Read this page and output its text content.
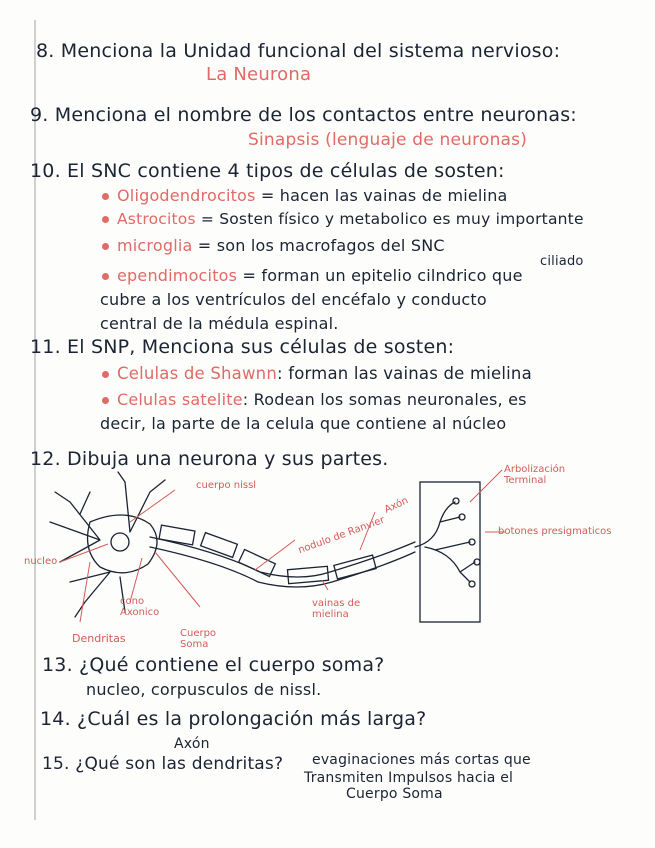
8. Menciona la Unidad funcional del sistema nervioso:
La Neurona
9. Menciona el nombre de los contactos entre neuronas:
Sinapsis (lenguaje de neuronas)
10. El SNC contiene 4 tipos de células de sosten:
Oligodendrocitos = hacen las vainas de mielina
Astrocitos = Sosten físico y metabolico es muy importante
microglia = son los macrofagos del SNC
ciliado
ependimocitos = forman un epitelio cilndrico que
cubre a los ventrículos del encéfalo y conducto
central de la médula espinal.
11. El SNP, Menciona sus células de sosten:
Celulas de Shawnn: forman las vainas de mielina
Celulas satelite: Rodean los somas neuronales, es
decir, la parte de la celula que contiene al núcleo
12. Dibuja una neurona y sus partes.
cuerpo nissl
nodulo de Ranvier
Axón
Arbolización Terminal
botones presigmaticos
nucleo
cono Axonico
Dendritas	Cuerpo Soma
vainas de mielina
13. ¿Qué contiene el cuerpo soma?
nucleo, corpusculos de nissl.
14. ¿Cuál es la prolongación más larga?
Axón
15. ¿Qué son las dendritas? evaginaciones más cortas que
Transmiten Impulsos hacia el
Cuerpo Soma
